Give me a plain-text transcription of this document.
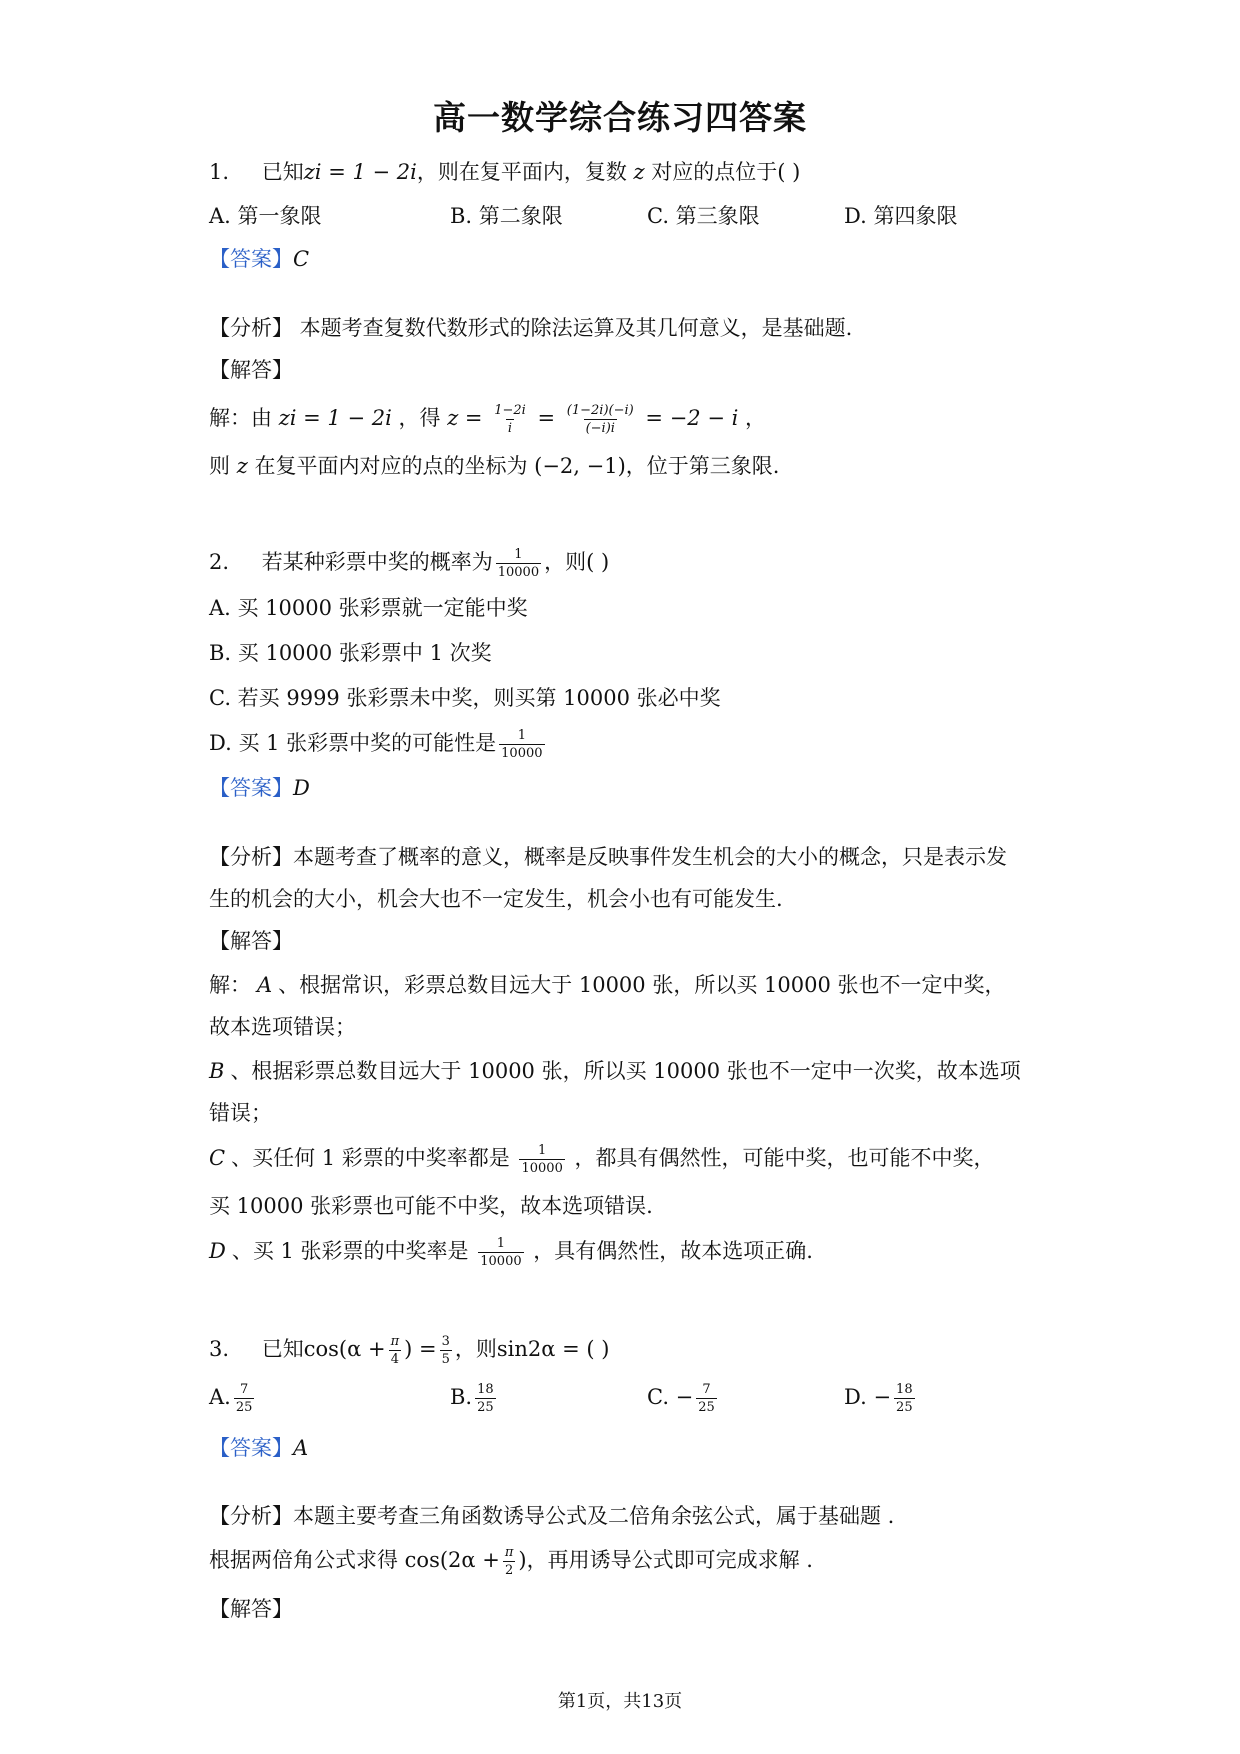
高一数学综合练习四答案
1. 已知zi = 1 − 2i，则在复平面内，复数 z 对应的点位于( )
A. 第一象限	B. 第二象限	C. 第三象限	D. 第四象限
【答案】C
【分析】 本题考查复数代数形式的除法运算及其几何意义，是基础题.
【解答】
解：由 zi = 1 − 2i ，得 $z = \frac{1-2i}{i} = \frac{(1-2i)(-i)}{(-i)i} = -2 - i$ ，
则 z 在复平面内对应的点的坐标为 (−2, −1)，位于第三象限.
2. 若某种彩票中奖的概率为 $\frac{1}{10000}$ ，则( )
A. 买 10000 张彩票就一定能中奖
B. 买 10000 张彩票中 1 次奖
C. 若买 9999 张彩票未中奖，则买第 10000 张必中奖
D. 买 1 张彩票中奖的可能性是 $\frac{1}{10000}$
【答案】D
【分析】本题考查了概率的意义，概率是反映事件发生机会的大小的概念，只是表示发
生的机会的大小，机会大也不一定发生，机会小也有可能发生.
【解答】
解： A 、根据常识，彩票总数目远大于 10000 张，所以买 10000 张也不一定中奖，
故本选项错误；
B 、根据彩票总数目远大于 10000 张，所以买 10000 张也不一定中一次奖，故本选项
错误；
C 、买任何 1 彩票的中奖率都是 $\frac{1}{10000}$ ，都具有偶然性，可能中奖，也可能不中奖，
买 10000 张彩票也可能不中奖，故本选项错误.
D 、买 1 张彩票的中奖率是 $\frac{1}{10000}$ ，具有偶然性，故本选项正确.
3. 已知$\cos(\alpha + \frac{\pi}{4}$ ) = $\frac{3}{5}$ ，则sin2α = ( )
A. $\frac{7}{25}$	B. $\frac{18}{25}$	C. − $\frac{7}{25}$	D. − $\frac{18}{25}$
【答案】A
【分析】本题主要考查三角函数诱导公式及二倍角余弦公式，属于基础题 .
根据两倍角公式求得 $\cos(2\alpha + \frac{\pi}{2}$ )，再用诱导公式即可完成求解 .
【解答】
第1页，共13页
